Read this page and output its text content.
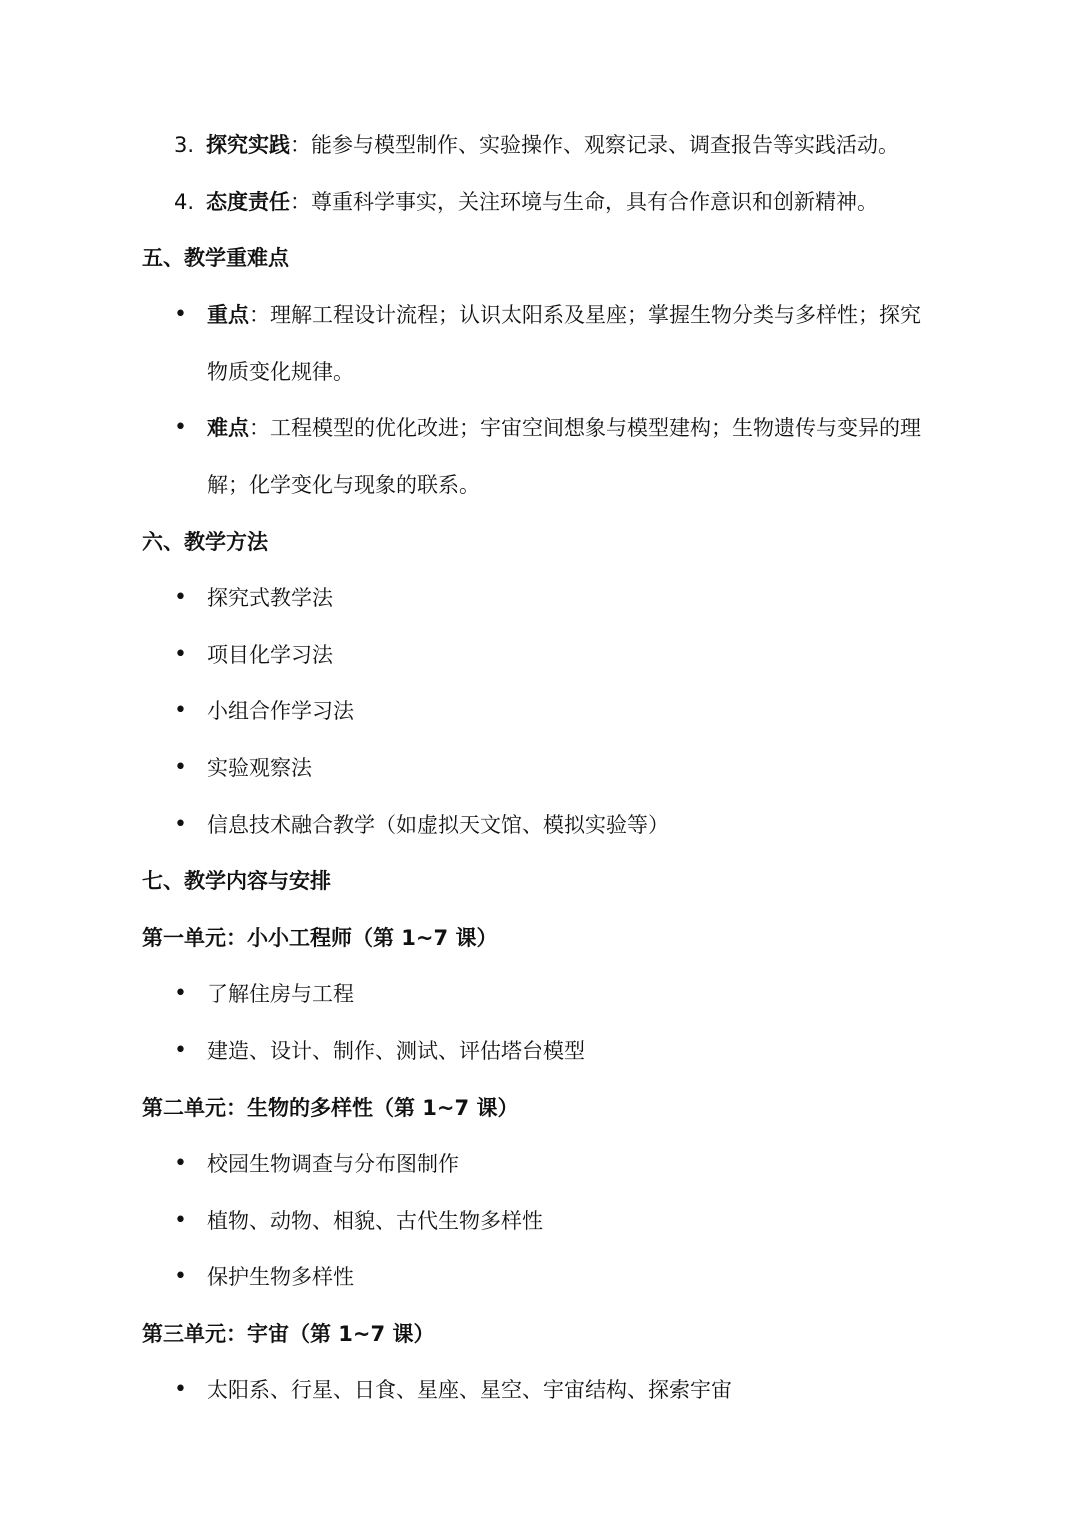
3. 探究实践：能参与模型制作、实验操作、观察记录、调查报告等实践活动。
4. 态度责任：尊重科学事实，关注环境与生命，具有合作意识和创新精神。
五、教学重难点
• 重点：理解工程设计流程；认识太阳系及星座；掌握生物分类与多样性；探究
物质变化规律。
• 难点：工程模型的优化改进；宇宙空间想象与模型建构；生物遗传与变异的理
解；化学变化与现象的联系。
六、教学方法
• 探究式教学法
• 项目化学习法
• 小组合作学习法
• 实验观察法
• 信息技术融合教学（如虚拟天文馆、模拟实验等）
七、教学内容与安排
第一单元：小小工程师（第 1~7 课）
• 了解住房与工程
• 建造、设计、制作、测试、评估塔台模型
第二单元：生物的多样性（第 1~7 课）
• 校园生物调查与分布图制作
• 植物、动物、相貌、古代生物多样性
• 保护生物多样性
第三单元：宇宙（第 1~7 课）
• 太阳系、行星、日食、星座、星空、宇宙结构、探索宇宙
